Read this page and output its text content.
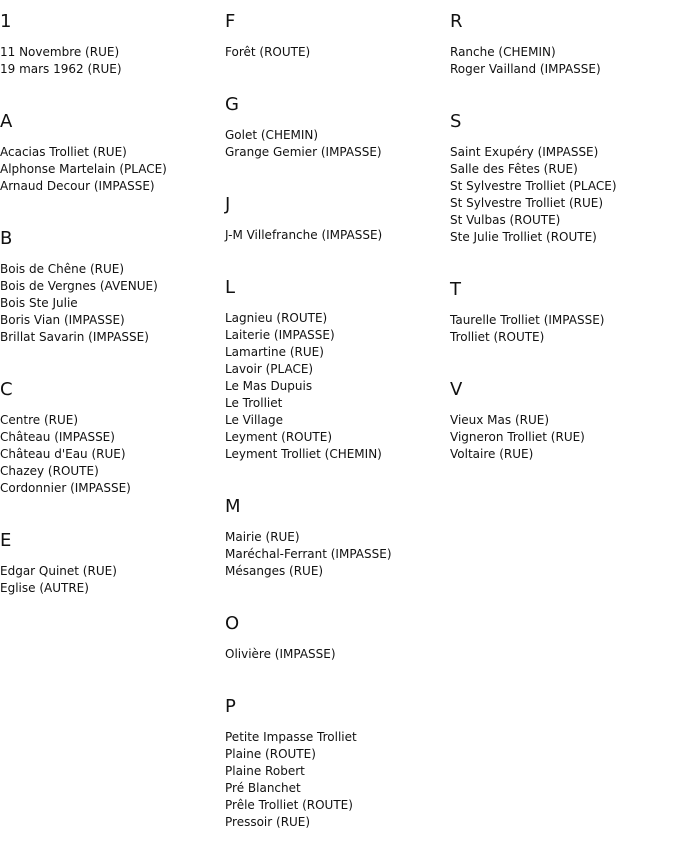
1
11 Novembre (RUE)
19 mars 1962 (RUE)
A
Acacias Trolliet (RUE)
Alphonse Martelain (PLACE)
Arnaud Decour (IMPASSE)
B
Bois de Chêne (RUE)
Bois de Vergnes (AVENUE)
Bois Ste Julie
Boris Vian (IMPASSE)
Brillat Savarin (IMPASSE)
C
Centre (RUE)
Château (IMPASSE)
Château d'Eau (RUE)
Chazey (ROUTE)
Cordonnier (IMPASSE)
E
Edgar Quinet (RUE)
Eglise (AUTRE)
F
Forêt (ROUTE)
G
Golet (CHEMIN)
Grange Gemier (IMPASSE)
J
J-M Villefranche (IMPASSE)
L
Lagnieu (ROUTE)
Laiterie (IMPASSE)
Lamartine (RUE)
Lavoir (PLACE)
Le Mas Dupuis
Le Trolliet
Le Village
Leyment (ROUTE)
Leyment Trolliet (CHEMIN)
M
Mairie (RUE)
Maréchal-Ferrant (IMPASSE)
Mésanges (RUE)
O
Olivière (IMPASSE)
P
Petite Impasse Trolliet
Plaine (ROUTE)
Plaine Robert
Pré Blanchet
Prêle Trolliet (ROUTE)
Pressoir (RUE)
R
Ranche (CHEMIN)
Roger Vailland (IMPASSE)
S
Saint Exupéry (IMPASSE)
Salle des Fêtes (RUE)
St Sylvestre Trolliet (PLACE)
St Sylvestre Trolliet (RUE)
St Vulbas (ROUTE)
Ste Julie Trolliet (ROUTE)
T
Taurelle Trolliet (IMPASSE)
Trolliet (ROUTE)
V
Vieux Mas (RUE)
Vigneron Trolliet (RUE)
Voltaire (RUE)
